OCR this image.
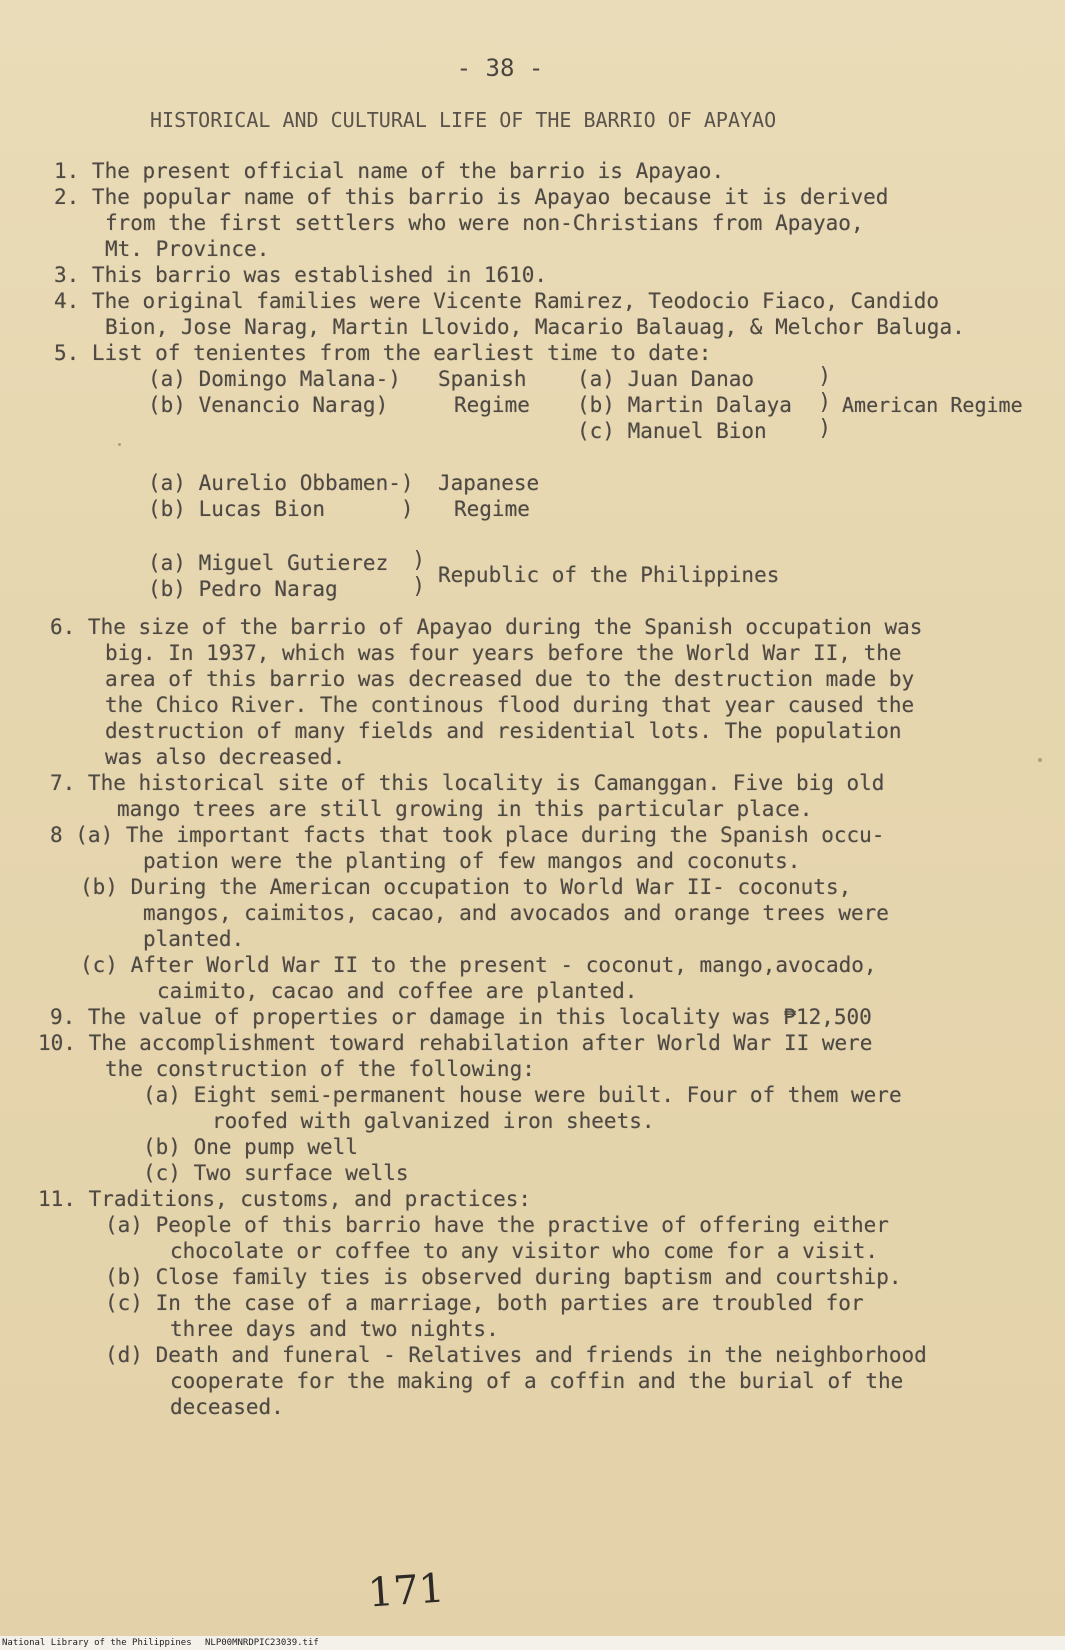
- 38 -
HISTORICAL AND CULTURAL LIFE OF THE BARRIO OF APAYAO
1. The present official name of the barrio is Apayao.
2. The popular name of this barrio is Apayao because it is derived
from the first settlers who were non-Christians from Apayao,
Mt. Province.
3. This barrio was established in 1610.
4. The original families were Vicente Ramirez, Teodocio Fiaco, Candido
Bion, Jose Narag, Martin Llovido, Macario Balauag, & Melchor Baluga.
5. List of tenientes from the earliest time to date:
(a) Domingo Malana-)
(b) Venancio Narag)
Spanish
Regime
(a) Juan Danao
(b) Martin Dalaya
(c) Manuel Bion
)
)
)
American Regime
(a) Aurelio Obbamen-)
(b) Lucas Bion      )
Japanese
Regime
(a) Miguel Gutierez
(b) Pedro Narag
)
) Republic of the Philippines
6. The size of the barrio of Apayao during the Spanish occupation was
big. In 1937, which was four years before the World War II, the
area of this barrio was decreased due to the destruction made by
the Chico River. The continous flood during that year caused the
destruction of many fields and residential lots. The population
was also decreased.
7. The historical site of this locality is Camanggan. Five big old
mango trees are still growing in this particular place.
8 (a) The important facts that took place during the Spanish occu-
pation were the planting of few mangos and coconuts.
(b) During the American occupation to World War II- coconuts,
mangos, caimitos, cacao, and avocados and orange trees were
planted.
(c) After World War II to the present - coconut, mango,avocado,
caimito, cacao and coffee are planted.
9. The value of properties or damage in this locality was ₱12,500
10. The accomplishment toward rehabilation after World War II were
the construction of the following:
(a) Eight semi-permanent house were built. Four of them were
roofed with galvanized iron sheets.
(b) One pump well
(c) Two surface wells
11. Traditions, customs, and practices:
(a) People of this barrio have the practive of offering either
chocolate or coffee to any visitor who come for a visit.
(b) Close family ties is observed during baptism and courtship.
(c) In the case of a marriage, both parties are troubled for
three days and two nights.
(d) Death and funeral - Relatives and friends in the neighborhood
cooperate for the making of a coffin and the burial of the
deceased.
171
National Library of the Philippines NLP00MNRDPIC23039.tif
